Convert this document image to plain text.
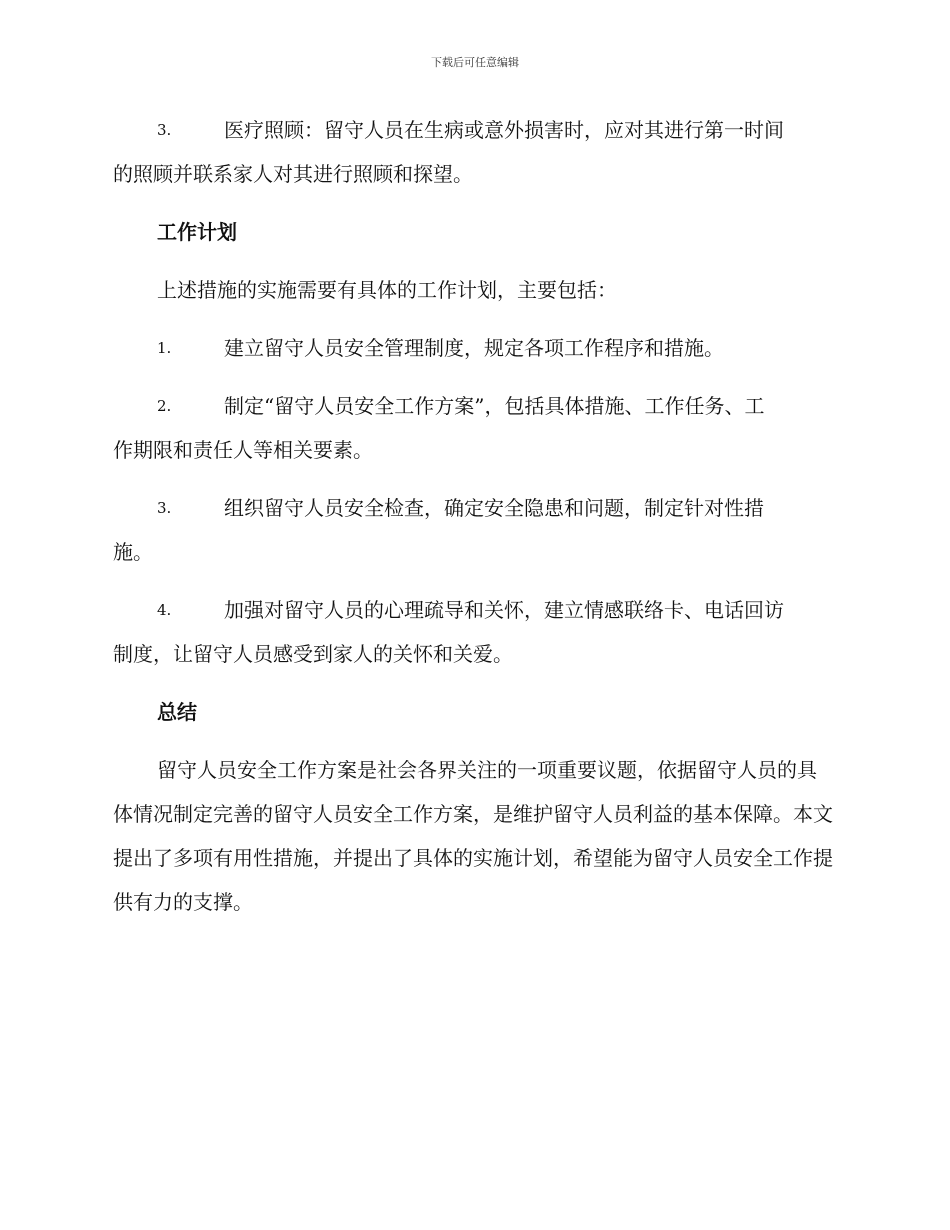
下载后可任意编辑
3.	医疗照顾：留守人员在生病或意外损害时，应对其进行第一时间
的照顾并联系家人对其进行照顾和探望。
工作计划
上述措施的实施需要有具体的工作计划，主要包括：
1.	建立留守人员安全管理制度，规定各项工作程序和措施。
2.	制定“留守人员安全工作方案”，包括具体措施、工作任务、工
作期限和责任人等相关要素。
3.	组织留守人员安全检查，确定安全隐患和问题，制定针对性措
施。
4.	加强对留守人员的心理疏导和关怀，建立情感联络卡、电话回访
制度，让留守人员感受到家人的关怀和关爱。
总结
留守人员安全工作方案是社会各界关注的一项重要议题，依据留守人员的具体情况制定完善的留守人员安全工作方案，是维护留守人员利益的基本保障。本文提出了多项有用性措施，并提出了具体的实施计划，希望能为留守人员安全工作提供有力的支撑。
